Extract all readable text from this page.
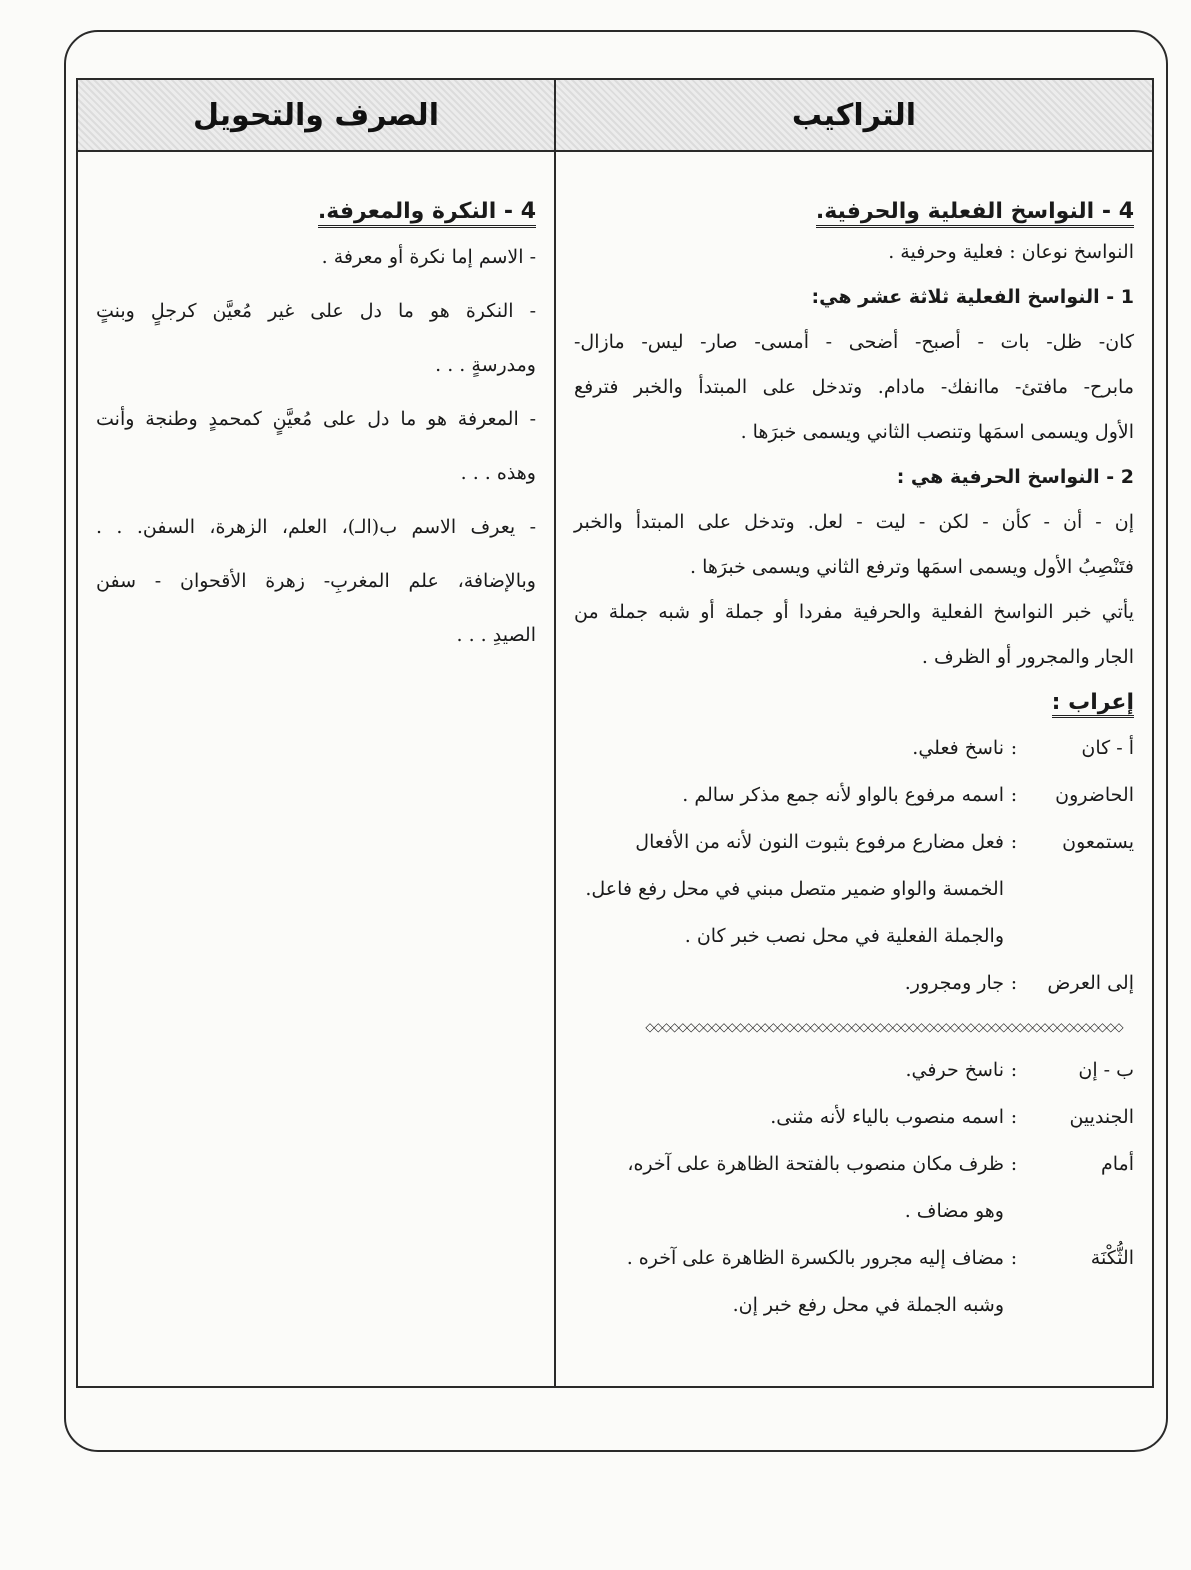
التراكيب
4 - النواسخ الفعلية والحرفية.
النواسخ نوعان : فعلية وحرفية .
1 - النواسخ الفعلية ثلاثة عشر هي:
كان- ظل- بات - أصبح- أضحى - أمسى- صار- ليس- مازال-
مابرح- مافتئ- ماانفك- مادام. وتدخل على المبتدأ والخبر فترفع
الأول ويسمى اسمَها وتنصب الثاني ويسمى خبرَها .
2 - النواسخ الحرفية هي :
إن - أن - كأن - لكن - ليت - لعل. وتدخل على المبتدأ والخبر
فتَنْصِبُ الأول ويسمى اسمَها وترفع الثاني ويسمى خبرَها .
يأتي خبر النواسخ الفعلية والحرفية مفردا أو جملة أو شبه جملة من
الجار والمجرور أو الظرف .
إعراب :
أ - كان
:
ناسخ فعلي.
الحاضرون
:
اسمه مرفوع بالواو لأنه جمع مذكر سالم .
يستمعون
:
فعل مضارع مرفوع بثبوت النون لأنه من الأفعال
الخمسة والواو ضمير متصل مبني في محل رفع فاعل.
والجملة الفعلية في محل نصب خبر كان .
إلى العرض
:
جار ومجرور.
◇◇◇◇◇◇◇◇◇◇◇◇◇◇◇◇◇◇◇◇◇◇◇◇◇◇◇◇◇◇◇◇◇◇◇◇◇◇◇◇◇◇◇◇◇◇◇◇◇◇◇◇◇◇◇◇◇◇
ب - إن
:
ناسخ حرفي.
الجنديين
:
اسمه منصوب بالياء لأنه مثنى.
أمام
:
ظرف مكان منصوب بالفتحة الظاهرة على آخره،
وهو مضاف .
الثُّكْنَة
:
مضاف إليه مجرور بالكسرة الظاهرة على آخره .
وشبه الجملة في محل رفع خبر إن.
الصرف والتحويل
4 - النكرة والمعرفة.
- الاسم إما نكرة أو معرفة .
- النكرة هو ما دل على غير مُعيَّن كرجلٍ وبنتٍ
ومدرسةٍ . . .
- المعرفة هو ما دل على مُعيَّنٍ كمحمدٍ وطنجة وأنت
وهذه . . .
- يعرف الاسم ب(الـ)، العلم، الزهرة، السفن. . .
وبالإضافة، علم المغربِ- زهرة الأقحوان - سفن
الصيدِ . . .
